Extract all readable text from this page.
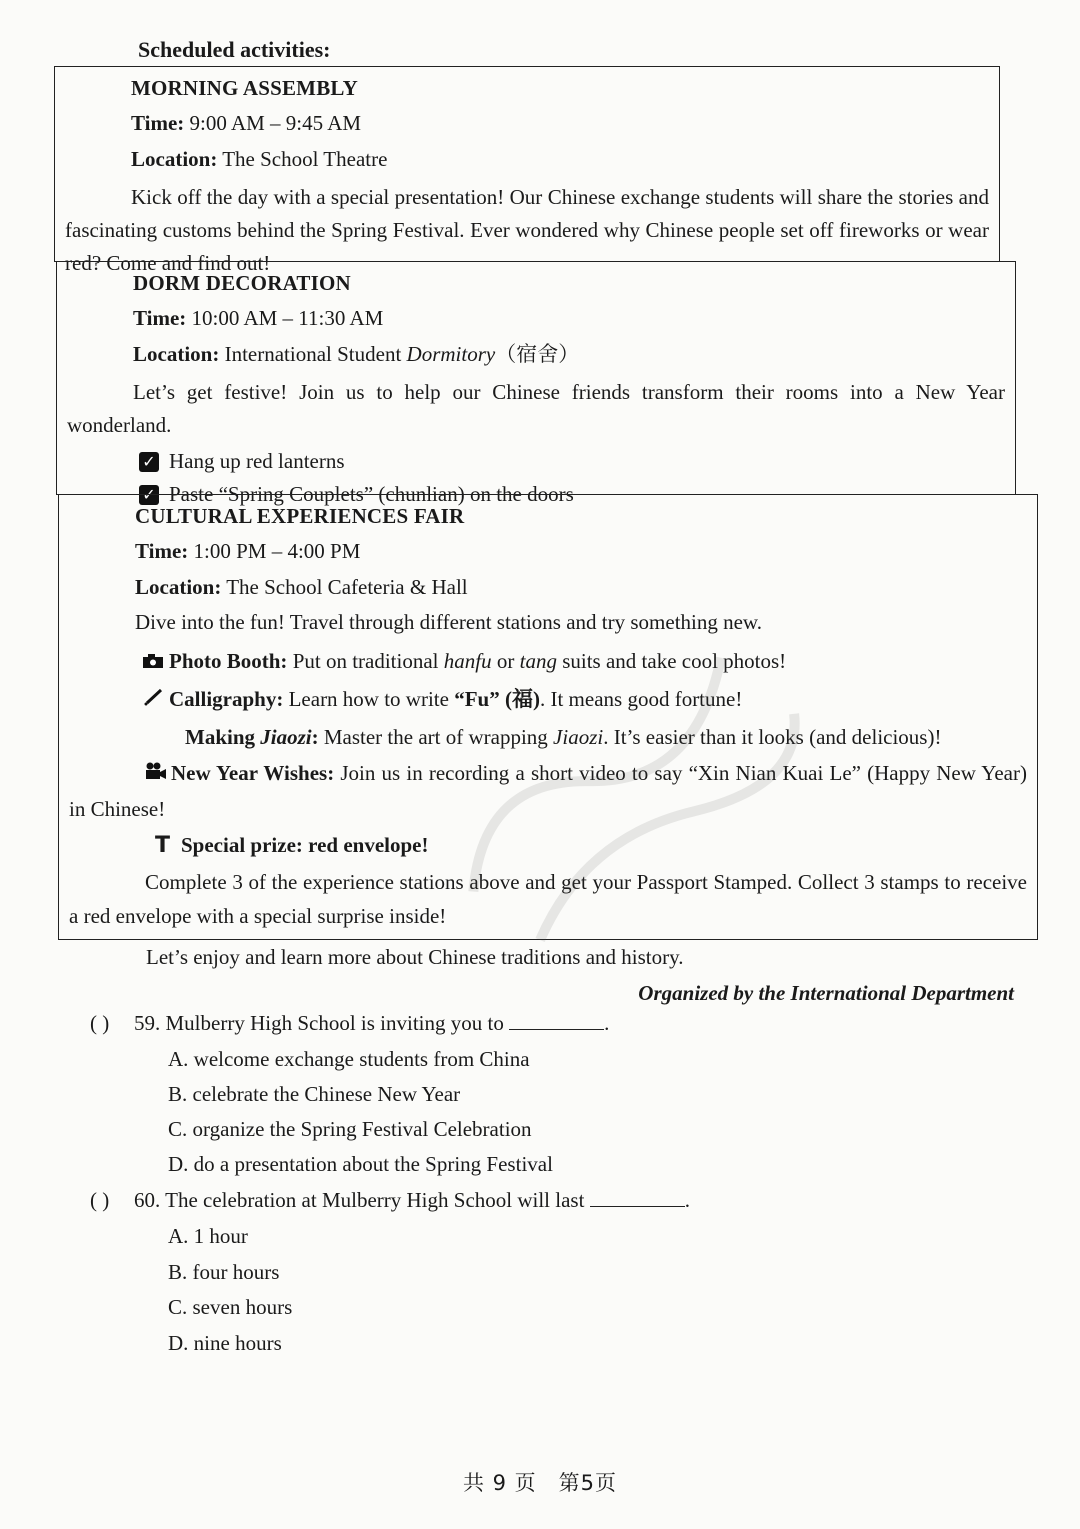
Scheduled activities:
MORNING ASSEMBLY
Time: 9:00 AM – 9:45 AM
Location: The School Theatre
Kick off the day with a special presentation! Our Chinese exchange students will share the stories and fascinating customs behind the Spring Festival. Ever wondered why Chinese people set off fireworks or wear red? Come and find out!
DORM DECORATION
Time: 10:00 AM – 11:30 AM
Location: International Student Dormitory（宿舍）
Let’s get festive! Join us to help our Chinese friends transform their rooms into a New Year wonderland.
✓ Hang up red lanterns
✓ Paste “Spring Couplets” (chunlian) on the doors
CULTURAL EXPERIENCES FAIR
Time: 1:00 PM – 4:00 PM
Location: The School Cafeteria & Hall
Dive into the fun! Travel through different stations and try something new.
Photo Booth: Put on traditional hanfu or tang suits and take cool photos!
Calligraphy: Learn how to write “Fu” (福). It means good fortune!
Making Jiaozi: Master the art of wrapping Jiaozi. It’s easier than it looks (and delicious)!
New Year Wishes: Join us in recording a short video to say “Xin Nian Kuai Le” (Happy New Year) in Chinese!
T Special prize: red envelope!
Complete 3 of the experience stations above and get your Passport Stamped. Collect 3 stamps to receive a red envelope with a special surprise inside!
Let’s enjoy and learn more about Chinese traditions and history.
Organized by the International Department
( ) 59. Mulberry High School is inviting you to	.
A. welcome exchange students from China
B. celebrate the Chinese New Year
C. organize the Spring Festival Celebration
D. do a presentation about the Spring Festival
( ) 60. The celebration at Mulberry High School will last	.
A. 1 hour
B. four hours
C. seven hours
D. nine hours
共 9 页　第5页
